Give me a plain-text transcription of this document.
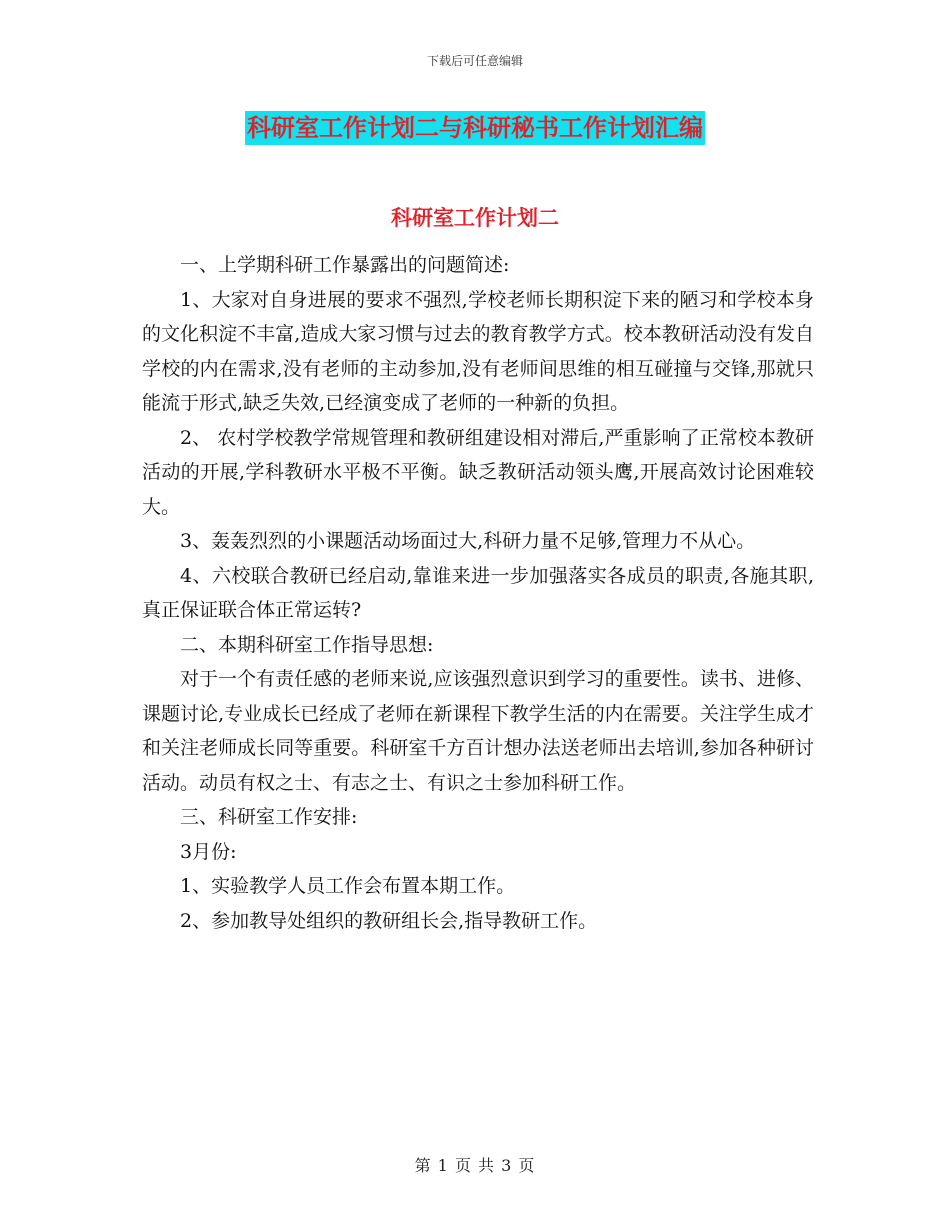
下载后可任意编辑
科研室工作计划二与科研秘书工作计划汇编
科研室工作计划二

一、上学期科研工作暴露出的问题简述:

1、大家对自身进展的要求不强烈,学校老师长期积淀下来的陋习和学校本身的文化积淀不丰富,造成大家习惯与过去的教育教学方式。校本教研活动没有发自学校的内在需求,没有老师的主动参加,没有老师间思维的相互碰撞与交锋,那就只能流于形式,缺乏失效,已经演变成了老师的一种新的负担。

2、 农村学校教学常规管理和教研组建设相对滞后,严重影响了正常校本教研活动的开展,学科教研水平极不平衡。缺乏教研活动领头鹰,开展高效讨论困难较大。

3、轰轰烈烈的小课题活动场面过大,科研力量不足够,管理力不从心。

4、六校联合教研已经启动,靠谁来进一步加强落实各成员的职责,各施其职,真正保证联合体正常运转?

二、本期科研室工作指导思想:

对于一个有责任感的老师来说,应该强烈意识到学习的重要性。读书、进修、课题讨论,专业成长已经成了老师在新课程下教学生活的内在需要。关注学生成才和关注老师成长同等重要。科研室千方百计想办法送老师出去培训,参加各种研讨活动。动员有权之士、有志之士、有识之士参加科研工作。

三、科研室工作安排:

3月份:

1、实验教学人员工作会布置本期工作。

2、参加教导处组织的教研组长会,指导教研工作。

第 1 页 共 3 页
